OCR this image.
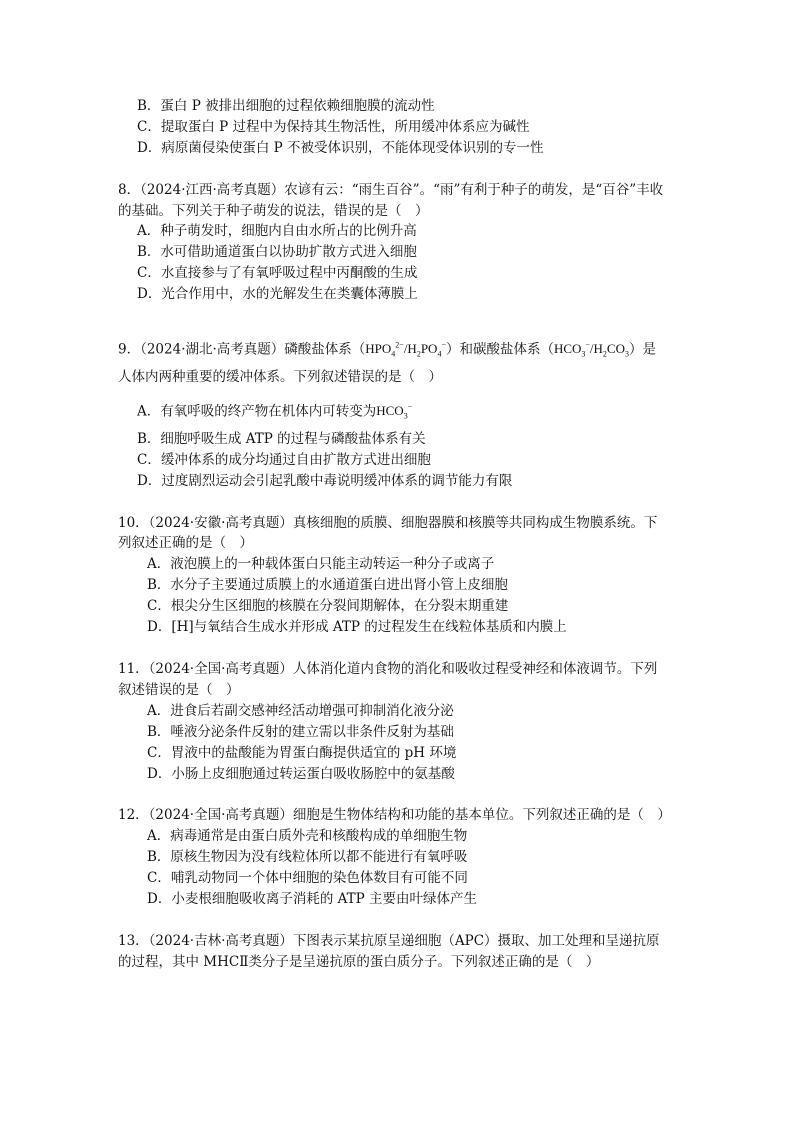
B．蛋白 P 被排出细胞的过程依赖细胞膜的流动性
C．提取蛋白 P 过程中为保持其生物活性，所用缓冲体系应为碱性
D．病原菌侵染使蛋白 P 不被受体识别，不能体现受体识别的专一性
8．（2024·江西·高考真题）农谚有云：“雨生百谷”。“雨”有利于种子的萌发，是“百谷”丰收
的基础。下列关于种子萌发的说法，错误的是（　）
A．种子萌发时，细胞内自由水所占的比例升高
B．水可借助通道蛋白以协助扩散方式进入细胞
C．水直接参与了有氧呼吸过程中丙酮酸的生成
D．光合作用中，水的光解发生在类囊体薄膜上
9．（2024·湖北·高考真题）磷酸盐体系$(HPO_4^{2-}/H_2PO_4^-)$和碳酸盐体系$(HCO_3^-/H_2CO_3)$是
人体内两种重要的缓冲体系。下列叙述错误的是（　）
A．有氧呼吸的终产物在机体内可转变为$HCO_3^-$
B．细胞呼吸生成 ATP 的过程与磷酸盐体系有关
C．缓冲体系的成分均通过自由扩散方式进出细胞
D．过度剧烈运动会引起乳酸中毒说明缓冲体系的调节能力有限
10．（2024·安徽·高考真题）真核细胞的质膜、细胞器膜和核膜等共同构成生物膜系统。下
列叙述正确的是（　）
A．液泡膜上的一种载体蛋白只能主动转运一种分子或离子
B．水分子主要通过质膜上的水通道蛋白进出肾小管上皮细胞
C．根尖分生区细胞的核膜在分裂间期解体，在分裂末期重建
D．[H]与氧结合生成水并形成 ATP 的过程发生在线粒体基质和内膜上
11．（2024·全国·高考真题）人体消化道内食物的消化和吸收过程受神经和体液调节。下列
叙述错误的是（　）
A．进食后若副交感神经活动增强可抑制消化液分泌
B．唾液分泌条件反射的建立需以非条件反射为基础
C．胃液中的盐酸能为胃蛋白酶提供适宜的 pH 环境
D．小肠上皮细胞通过转运蛋白吸收肠腔中的氨基酸
12．（2024·全国·高考真题）细胞是生物体结构和功能的基本单位。下列叙述正确的是（　）
A．病毒通常是由蛋白质外壳和核酸构成的单细胞生物
B．原核生物因为没有线粒体所以都不能进行有氧呼吸
C．哺乳动物同一个体中细胞的染色体数目有可能不同
D．小麦根细胞吸收离子消耗的 ATP 主要由叶绿体产生
13．（2024·吉林·高考真题）下图表示某抗原呈递细胞（APC）摄取、加工处理和呈递抗原
的过程，其中 MHCⅡ类分子是呈递抗原的蛋白质分子。下列叙述正确的是（　）
